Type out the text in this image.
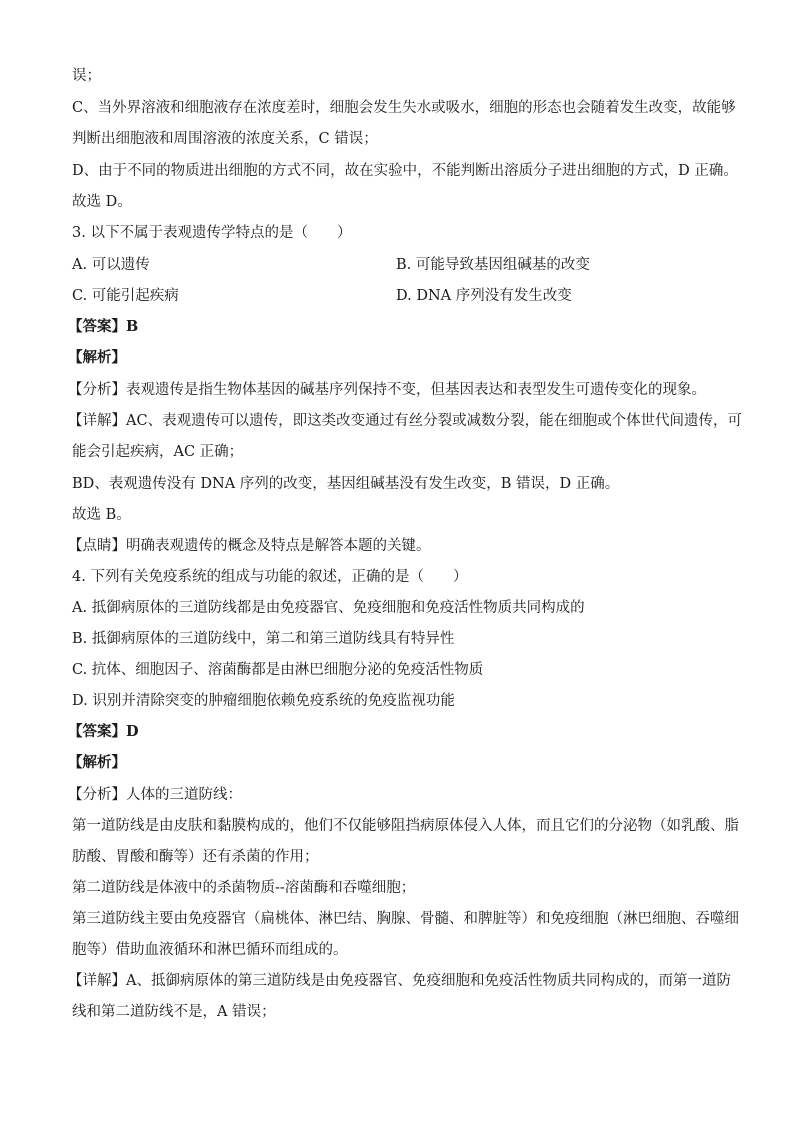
误；
C、当外界溶液和细胞液存在浓度差时，细胞会发生失水或吸水，细胞的形态也会随着发生改变，故能够
判断出细胞液和周围溶液的浓度关系，C 错误；
D、由于不同的物质进出细胞的方式不同，故在实验中，不能判断出溶质分子进出细胞的方式，D 正确。
故选 D。
3. 以下不属于表观遗传学特点的是（　　）
A. 可以遗传	B. 可能导致基因组碱基的改变
C. 可能引起疾病	D. DNA 序列没有发生改变
【答案】B
【解析】
【分析】表观遗传是指生物体基因的碱基序列保持不变，但基因表达和表型发生可遗传变化的现象。
【详解】AC、表观遗传可以遗传，即这类改变通过有丝分裂或减数分裂，能在细胞或个体世代间遗传，可
能会引起疾病，AC 正确；
BD、表观遗传没有 DNA 序列的改变，基因组碱基没有发生改变，B 错误，D 正确。
故选 B。
【点睛】明确表观遗传的概念及特点是解答本题的关键。
4. 下列有关免疫系统的组成与功能的叙述，正确的是（　　）
A. 抵御病原体的三道防线都是由免疫器官、免疫细胞和免疫活性物质共同构成的
B. 抵御病原体的三道防线中，第二和第三道防线具有特异性
C. 抗体、细胞因子、溶菌酶都是由淋巴细胞分泌的免疫活性物质
D. 识别并清除突变的肿瘤细胞依赖免疫系统的免疫监视功能
【答案】D
【解析】
【分析】人体的三道防线：
第一道防线是由皮肤和黏膜构成的，他们不仅能够阻挡病原体侵入人体，而且它们的分泌物（如乳酸、脂
肪酸、胃酸和酶等）还有杀菌的作用；
第二道防线是体液中的杀菌物质--溶菌酶和吞噬细胞；
第三道防线主要由免疫器官（扁桃体、淋巴结、胸腺、骨髓、和脾脏等）和免疫细胞（淋巴细胞、吞噬细
胞等）借助血液循环和淋巴循环而组成的。
【详解】A、抵御病原体的第三道防线是由免疫器官、免疫细胞和免疫活性物质共同构成的，而第一道防
线和第二道防线不是，A 错误；
